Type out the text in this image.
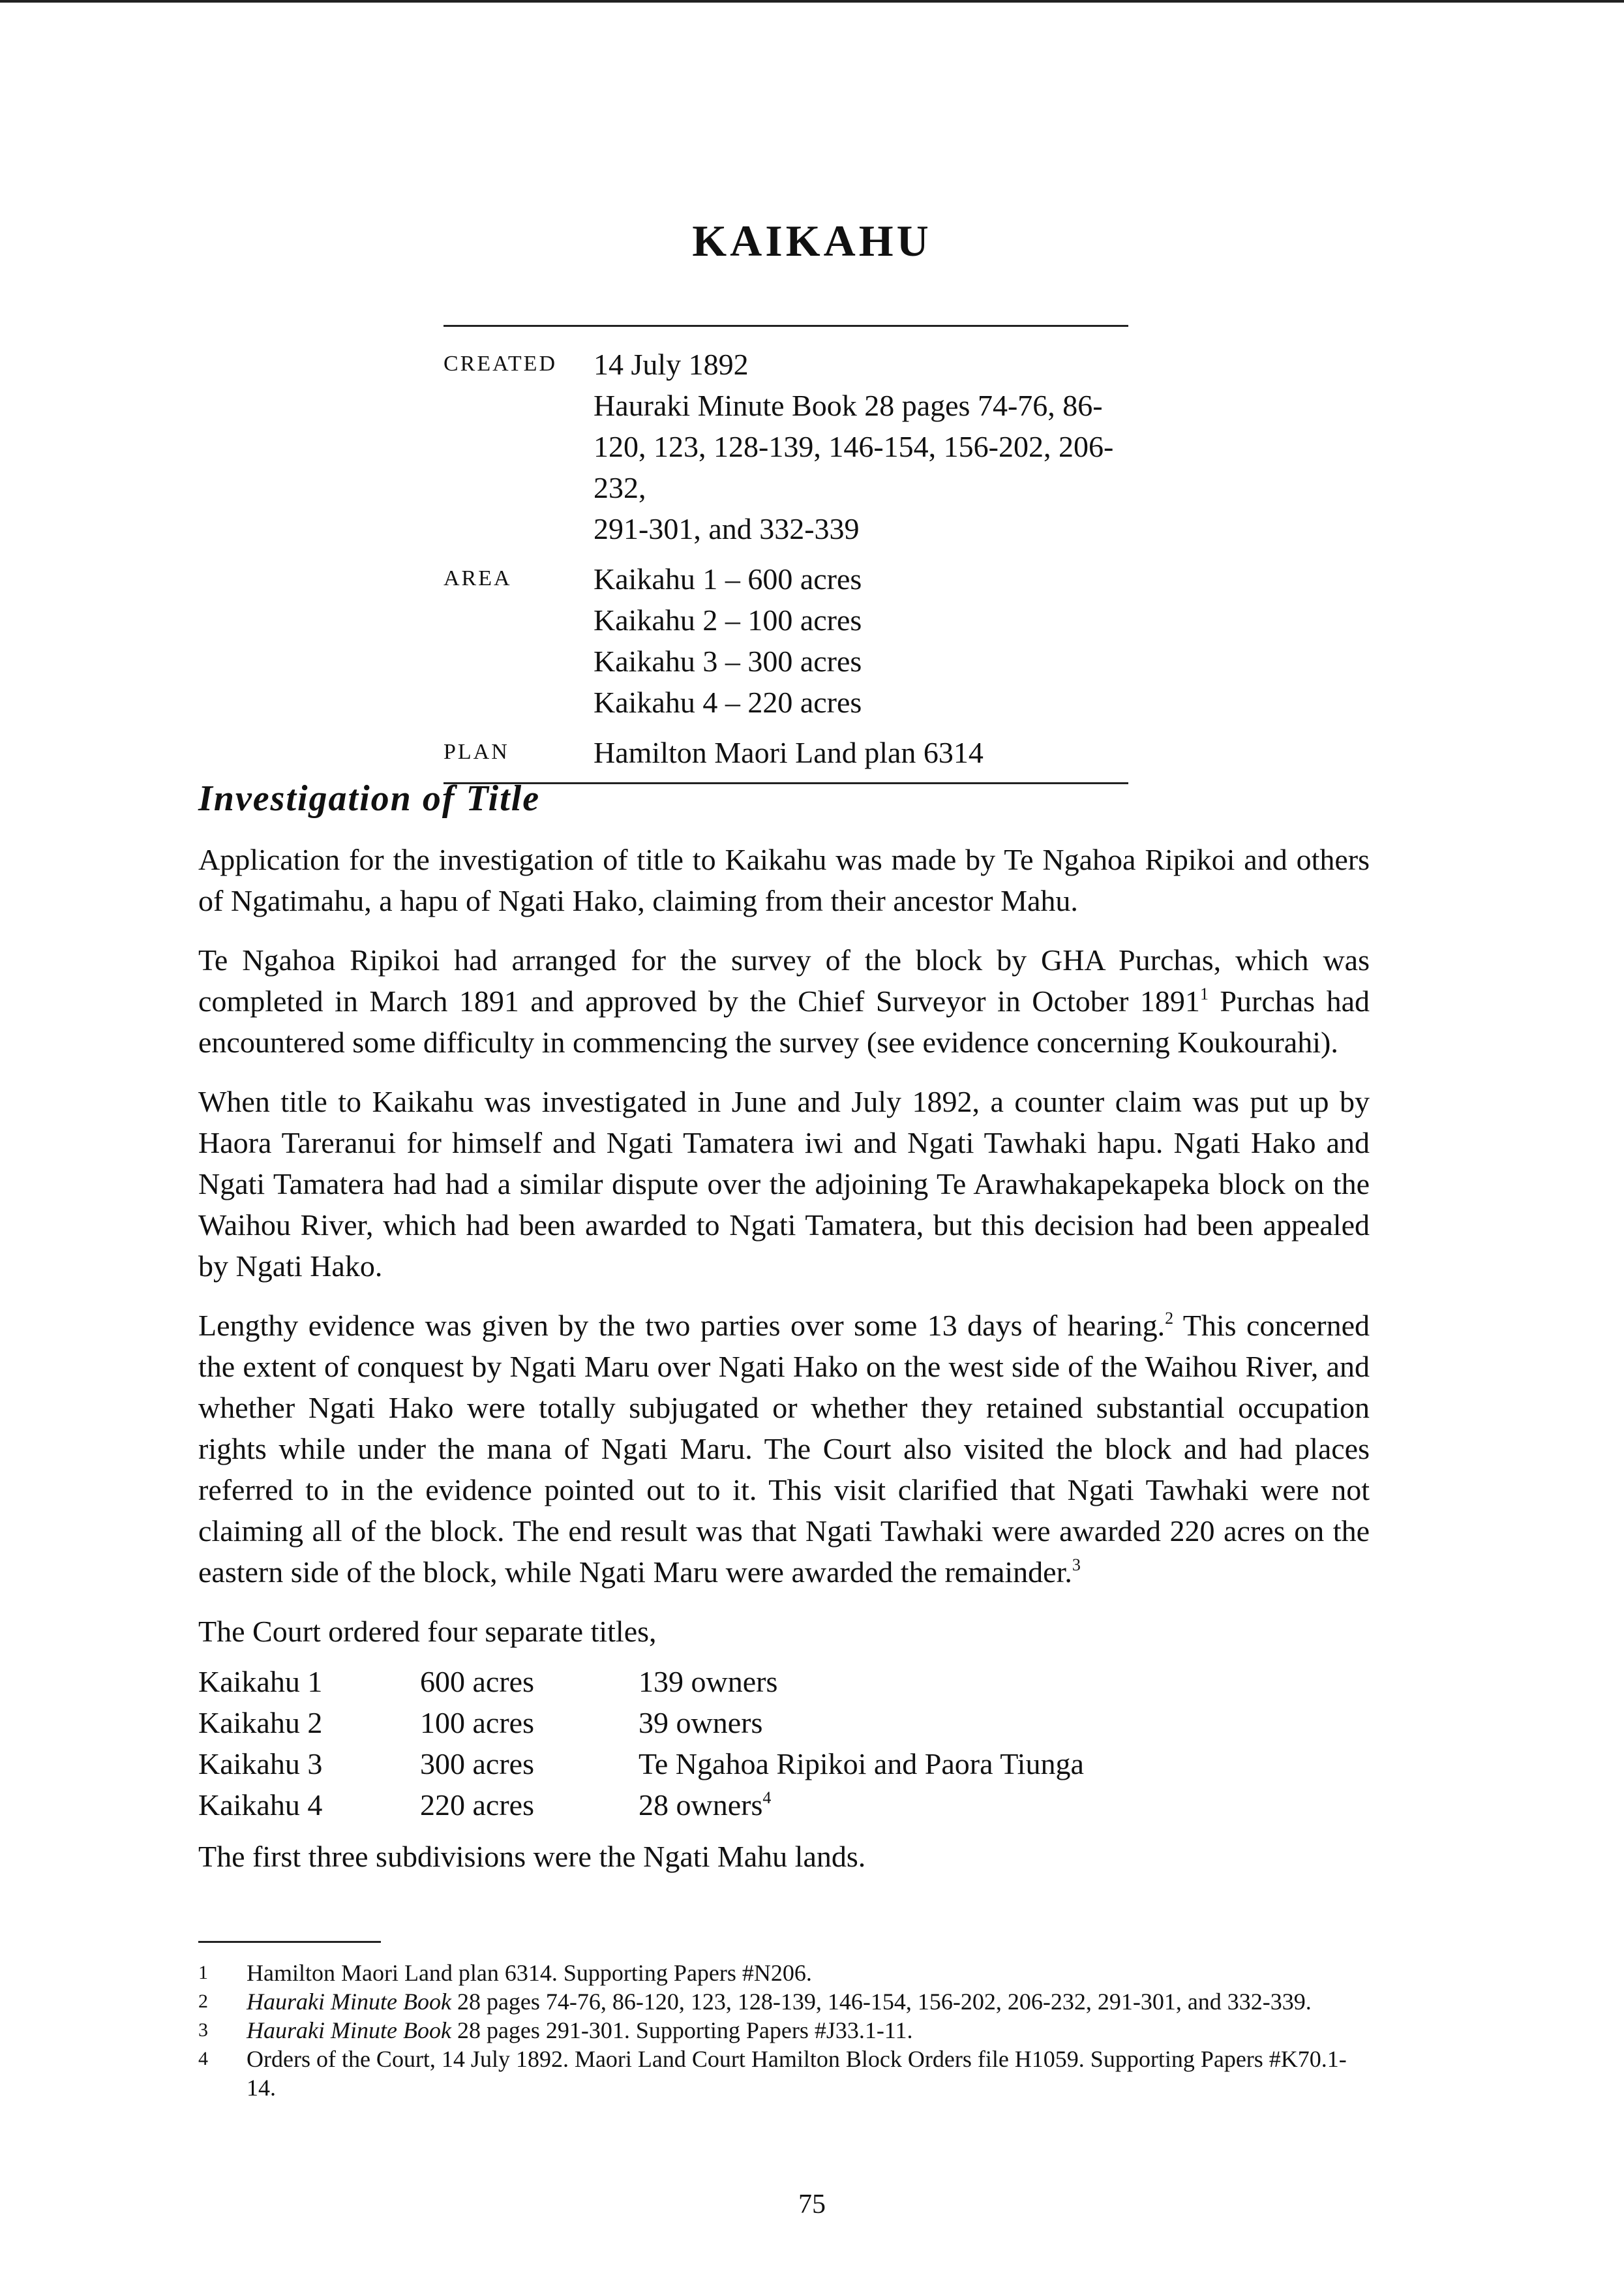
KAIKAHU
CREATED	14 July 1892
Hauraki Minute Book 28 pages 74-76, 86-
120, 123, 128-139, 146-154, 156-202, 206-232,
291-301, and 332-339
AREA	Kaikahu 1 – 600 acres
Kaikahu 2 – 100 acres
Kaikahu 3 – 300 acres
Kaikahu 4 – 220 acres
PLAN	Hamilton Maori Land plan 6314
Investigation of Title

Application for the investigation of title to Kaikahu was made by Te Ngahoa Ripikoi and others of Ngatimahu, a hapu of Ngati Hako, claiming from their ancestor Mahu.

Te Ngahoa Ripikoi had arranged for the survey of the block by GHA Purchas, which was completed in March 1891 and approved by the Chief Surveyor in October 1891$^1$ Purchas had encountered some difficulty in commencing the survey (see evidence concerning Koukourahi).

When title to Kaikahu was investigated in June and July 1892, a counter claim was put up by Haora Tareranui for himself and Ngati Tamatera iwi and Ngati Tawhaki hapu. Ngati Hako and Ngati Tamatera had had a similar dispute over the adjoining Te Arawhakapekapeka block on the Waihou River, which had been awarded to Ngati Tamatera, but this decision had been appealed by Ngati Hako.

Lengthy evidence was given by the two parties over some 13 days of hearing.$^2$ This concerned the extent of conquest by Ngati Maru over Ngati Hako on the west side of the Waihou River, and whether Ngati Hako were totally subjugated or whether they retained substantial occupation rights while under the mana of Ngati Maru. The Court also visited the block and had places referred to in the evidence pointed out to it. This visit clarified that Ngati Tawhaki were not claiming all of the block. The end result was that Ngati Tawhaki were awarded 220 acres on the eastern side of the block, while Ngati Maru were awarded the remainder.$^3$

The Court ordered four separate titles,

Kaikahu 1	600 acres	139 owners
Kaikahu 2	100 acres	39 owners
Kaikahu 3	300 acres	Te Ngahoa Ripikoi and Paora Tiunga
Kaikahu 4	220 acres	28 owners$^4$

The first three subdivisions were the Ngati Mahu lands.

1	Hamilton Maori Land plan 6314. Supporting Papers #N206.
2	Hauraki Minute Book 28 pages 74-76, 86-120, 123, 128-139, 146-154, 156-202, 206-232, 291-301, and 332-339.
3	Hauraki Minute Book 28 pages 291-301. Supporting Papers #J33.1-11.
4	Orders of the Court, 14 July 1892. Maori Land Court Hamilton Block Orders file H1059. Supporting Papers #K70.1-14.
75
